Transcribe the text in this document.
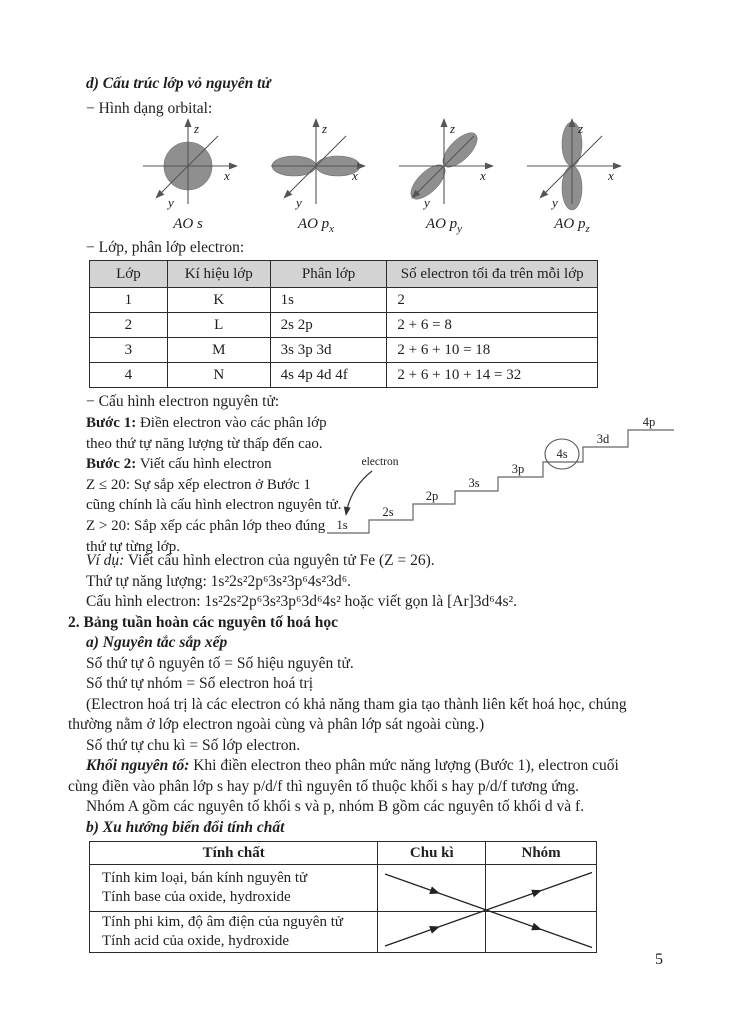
d) Cấu trúc lớp vỏ nguyên tử

− Hình dạng orbital:

z
x
y
AO s
z
x
y
AO $p_x$
z
x
y
AO $p_y$
z
x
y
AO $p_z$

− Lớp, phân lớp electron:

Lớp	Kí hiệu lớp	Phân lớp	Số electron tối đa trên mỗi lớp
1	K	1s	2
2	L	2s 2p	2 + 6 = 8
3	M	3s 3p 3d	2 + 6 + 10 = 18
4	N	4s 4p 4d 4f	2 + 6 + 10 + 14 = 32

− Cấu hình electron nguyên tử:

Bước 1: Điền electron vào các phân lớp
theo thứ tự năng lượng từ thấp đến cao.

Bước 2: Viết cấu hình electron

Z ≤ 20: Sự sắp xếp electron ở Bước 1
cũng chính là cấu hình electron nguyên tử.

Z > 20: Sắp xếp các phân lớp theo đúng
thứ tự từng lớp.

1s
2s
2p
3s
3p
4s
3d
4p
electron

Ví dụ: Viết cấu hình electron của nguyên tử Fe (Z = 26).

Thứ tự năng lượng: 1s²2s²2p⁶3s²3p⁶4s²3d⁶.

Cấu hình electron: 1s²2s²2p⁶3s²3p⁶3d⁶4s² hoặc viết gọn là [Ar]3d⁶4s².

2. Bảng tuần hoàn các nguyên tố hoá học

a) Nguyên tắc sắp xếp

Số thứ tự ô nguyên tố = Số hiệu nguyên tử.

Số thứ tự nhóm = Số electron hoá trị

(Electron hoá trị là các electron có khả năng tham gia tạo thành liên kết hoá học, chúng thường nằm ở lớp electron ngoài cùng và phân lớp sát ngoài cùng.)

Số thứ tự chu kì = Số lớp electron.

Khối nguyên tố: Khi điền electron theo phân mức năng lượng (Bước 1), electron cuối cùng điền vào phân lớp s hay p/d/f thì nguyên tố thuộc khối s hay p/d/f tương ứng.

Nhóm A gồm các nguyên tố khối s và p, nhóm B gồm các nguyên tố khối d và f.

b) Xu hướng biến đổi tính chất

Tính chất	Chu kì	Nhóm

Tính kim loại, bán kính nguyên tử
Tính base của oxide, hydroxide		

Tính phi kim, độ âm điện của nguyên tử
Tính acid của oxide, hydroxide		

5
